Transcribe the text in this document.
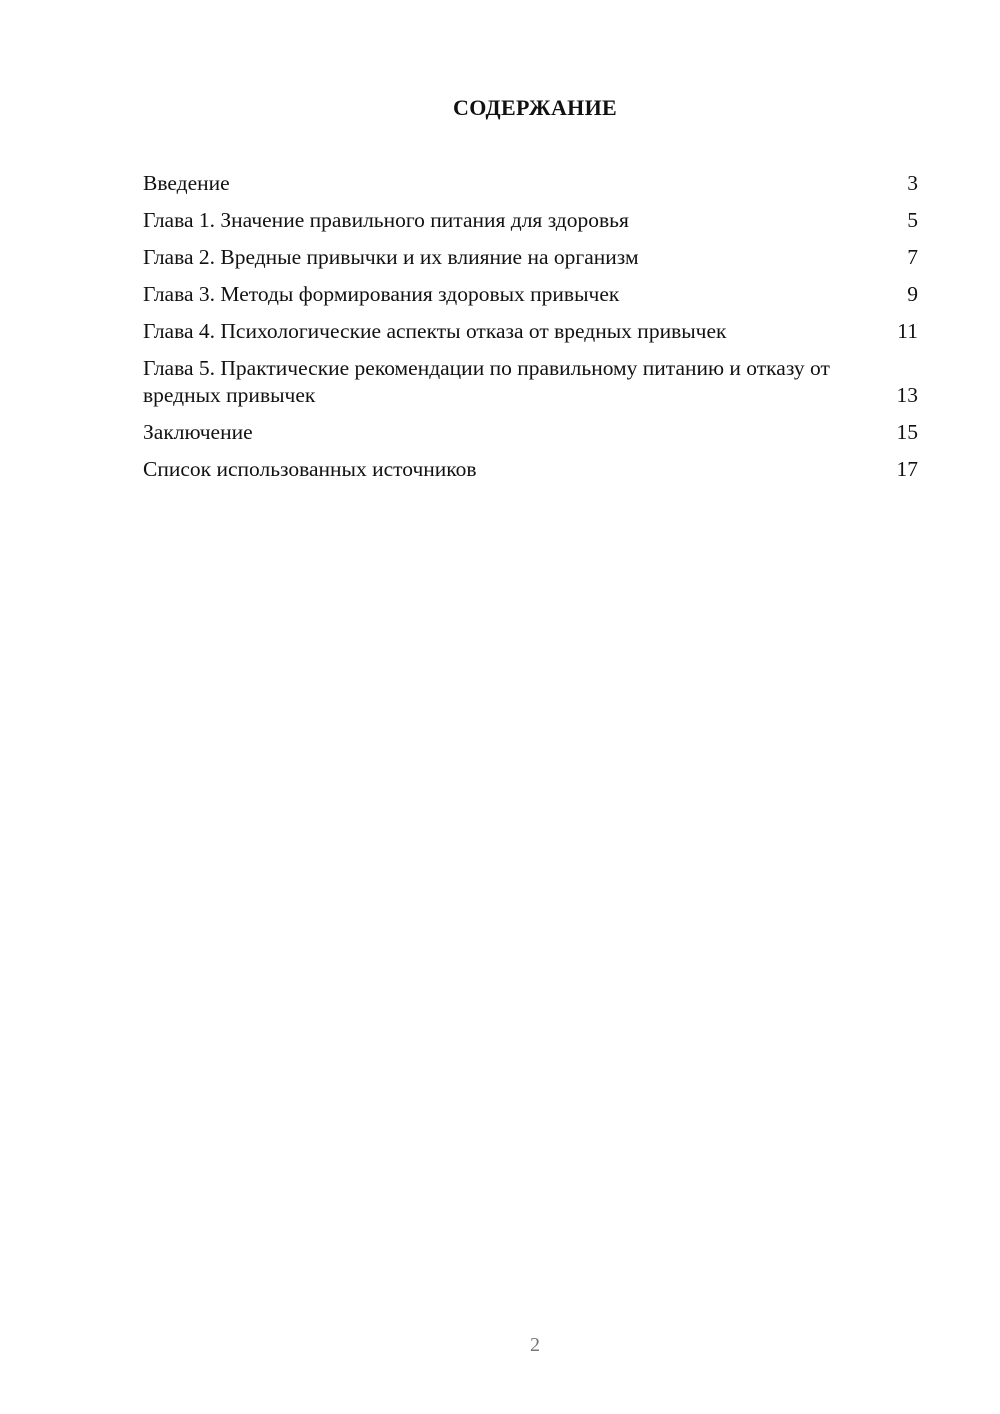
СОДЕРЖАНИЕ
Введение	3
Глава 1. Значение правильного питания для здоровья	5
Глава 2. Вредные привычки и их влияние на организм	7
Глава 3. Методы формирования здоровых привычек	9
Глава 4. Психологические аспекты отказа от вредных привычек	11
Глава 5. Практические рекомендации по правильному питанию и отказу от вредных привычек	13
Заключение	15
Список использованных источников	17
2
